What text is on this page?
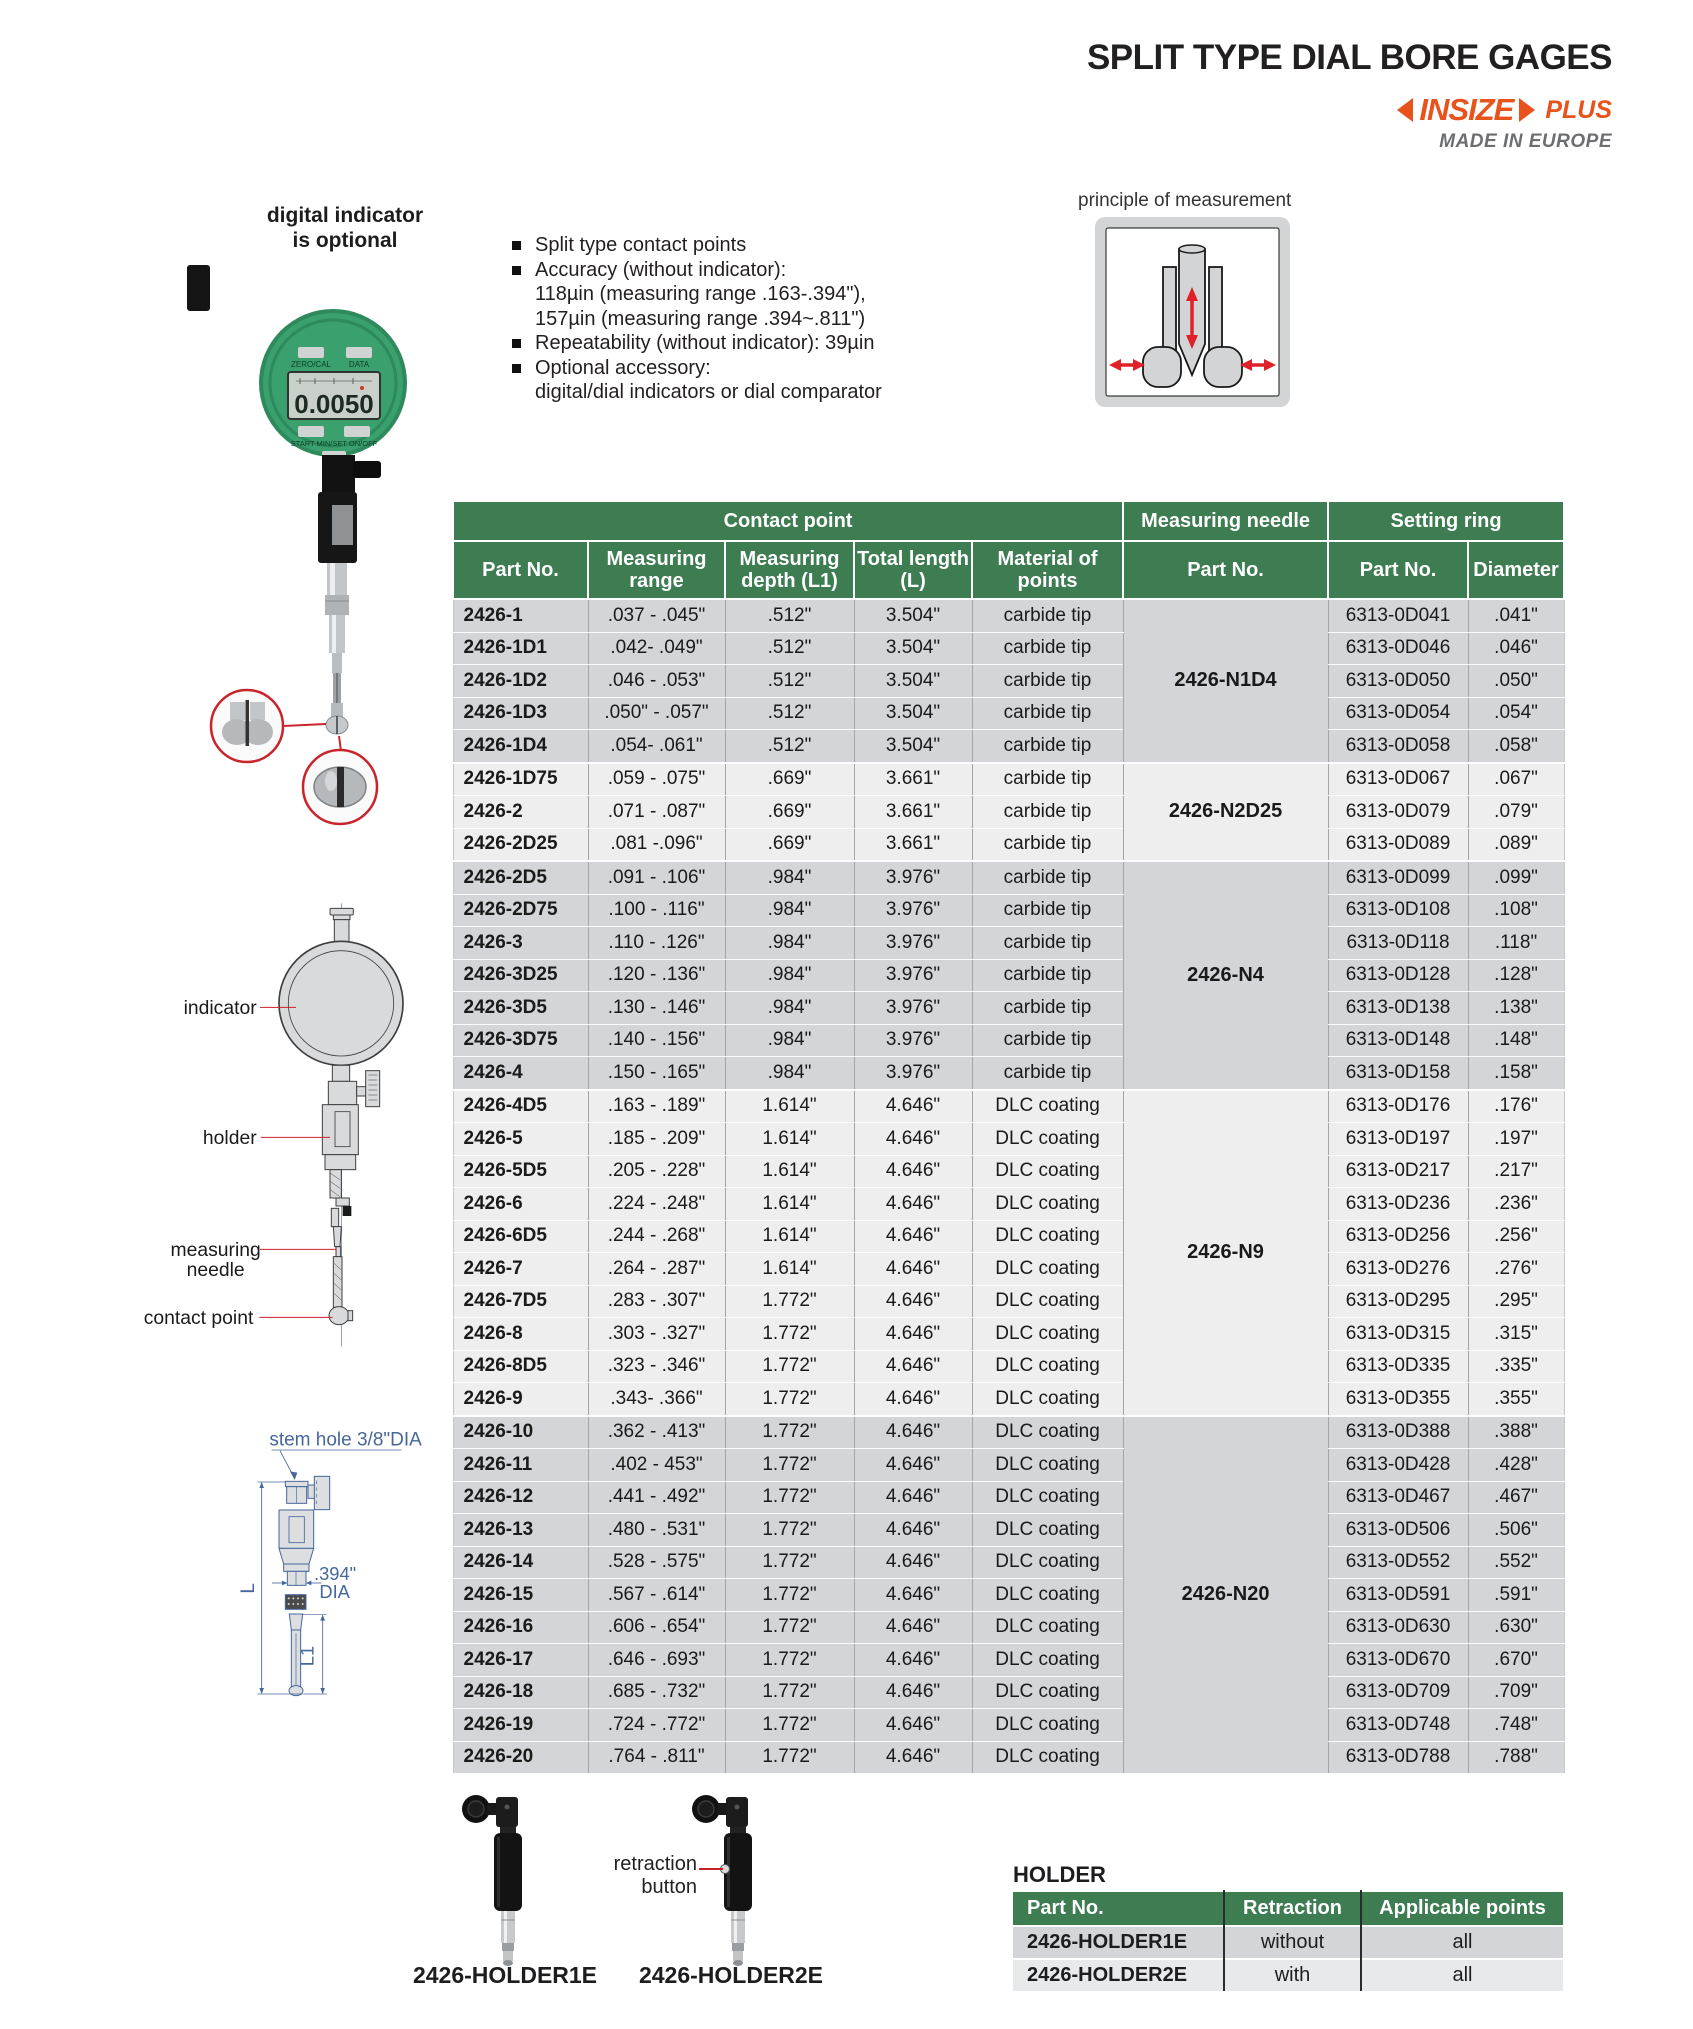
SPLIT TYPE DIAL BORE GAGES
INSIZE PLUS
MADE IN EUROPE
digital indicator
is optional
ZERO/CAL DATA
0.0050
START MIN/SET ON/OFF
Split type contact points
Accuracy (without indicator):
118µin (measuring range .163-.394"),
157µin (measuring range .394~.811")
Repeatability (without indicator): 39µin
Optional accessory:
digital/dial indicators or dial comparator
principle of measurement
indicator
holder
measuring
needle
contact point
stem hole 3/8"DIA
L
.394"
DIA
L1
Contact point					Measuring needle	Setting ring	
Part No.	Measuring range	Measuring depth (L1)	Total length (L)	Material of points	Part No.	Part No.	Diameter
2426-1	.037 - .045"	.512"	3.504"	carbide tip	2426-N1D4	6313-0D041	.041"
2426-1D1	.042- .049"	.512"	3.504"	carbide tip		6313-0D046	.046"
2426-1D2	.046 - .053"	.512"	3.504"	carbide tip		6313-0D050	.050"
2426-1D3	.050" - .057"	.512"	3.504"	carbide tip		6313-0D054	.054"
2426-1D4	.054- .061"	.512"	3.504"	carbide tip		6313-0D058	.058"
2426-1D75	.059 - .075"	.669"	3.661"	carbide tip	2426-N2D25	6313-0D067	.067"
2426-2	.071 - .087"	.669"	3.661"	carbide tip		6313-0D079	.079"
2426-2D25	.081 -.096"	.669"	3.661"	carbide tip		6313-0D089	.089"
2426-2D5	.091 - .106"	.984"	3.976"	carbide tip	2426-N4	6313-0D099	.099"
2426-2D75	.100 - .116"	.984"	3.976"	carbide tip		6313-0D108	.108"
2426-3	.110 - .126"	.984"	3.976"	carbide tip		6313-0D118	.118"
2426-3D25	.120 - .136"	.984"	3.976"	carbide tip		6313-0D128	.128"
2426-3D5	.130 - .146"	.984"	3.976"	carbide tip		6313-0D138	.138"
2426-3D75	.140 - .156"	.984"	3.976"	carbide tip		6313-0D148	.148"
2426-4	.150 - .165"	.984"	3.976"	carbide tip		6313-0D158	.158"
2426-4D5	.163 - .189"	1.614"	4.646"	DLC coating	2426-N9	6313-0D176	.176"
2426-5	.185 - .209"	1.614"	4.646"	DLC coating		6313-0D197	.197"
2426-5D5	.205 - .228"	1.614"	4.646"	DLC coating		6313-0D217	.217"
2426-6	.224 - .248"	1.614"	4.646"	DLC coating		6313-0D236	.236"
2426-6D5	.244 - .268"	1.614"	4.646"	DLC coating		6313-0D256	.256"
2426-7	.264 - .287"	1.614"	4.646"	DLC coating		6313-0D276	.276"
2426-7D5	.283 - .307"	1.772"	4.646"	DLC coating		6313-0D295	.295"
2426-8	.303 - .327"	1.772"	4.646"	DLC coating		6313-0D315	.315"
2426-8D5	.323 - .346"	1.772"	4.646"	DLC coating		6313-0D335	.335"
2426-9	.343- .366"	1.772"	4.646"	DLC coating		6313-0D355	.355"
2426-10	.362 - .413"	1.772"	4.646"	DLC coating	2426-N20	6313-0D388	.388"
2426-11	.402 - 453"	1.772"	4.646"	DLC coating		6313-0D428	.428"
2426-12	.441 - .492"	1.772"	4.646"	DLC coating		6313-0D467	.467"
2426-13	.480 - .531"	1.772"	4.646"	DLC coating		6313-0D506	.506"
2426-14	.528 - .575"	1.772"	4.646"	DLC coating		6313-0D552	.552"
2426-15	.567 - .614"	1.772"	4.646"	DLC coating		6313-0D591	.591"
2426-16	.606 - .654"	1.772"	4.646"	DLC coating		6313-0D630	.630"
2426-17	.646 - .693"	1.772"	4.646"	DLC coating		6313-0D670	.670"
2426-18	.685 - .732"	1.772"	4.646"	DLC coating		6313-0D709	.709"
2426-19	.724 - .772"	1.772"	4.646"	DLC coating		6313-0D748	.748"
2426-20	.764 - .811"	1.772"	4.646"	DLC coating		6313-0D788	.788"
retraction
button
2426-HOLDER1E	2426-HOLDER2E
HOLDER
Part No.	Retraction	Applicable points
2426-HOLDER1E	without	all
2426-HOLDER2E	with	all
